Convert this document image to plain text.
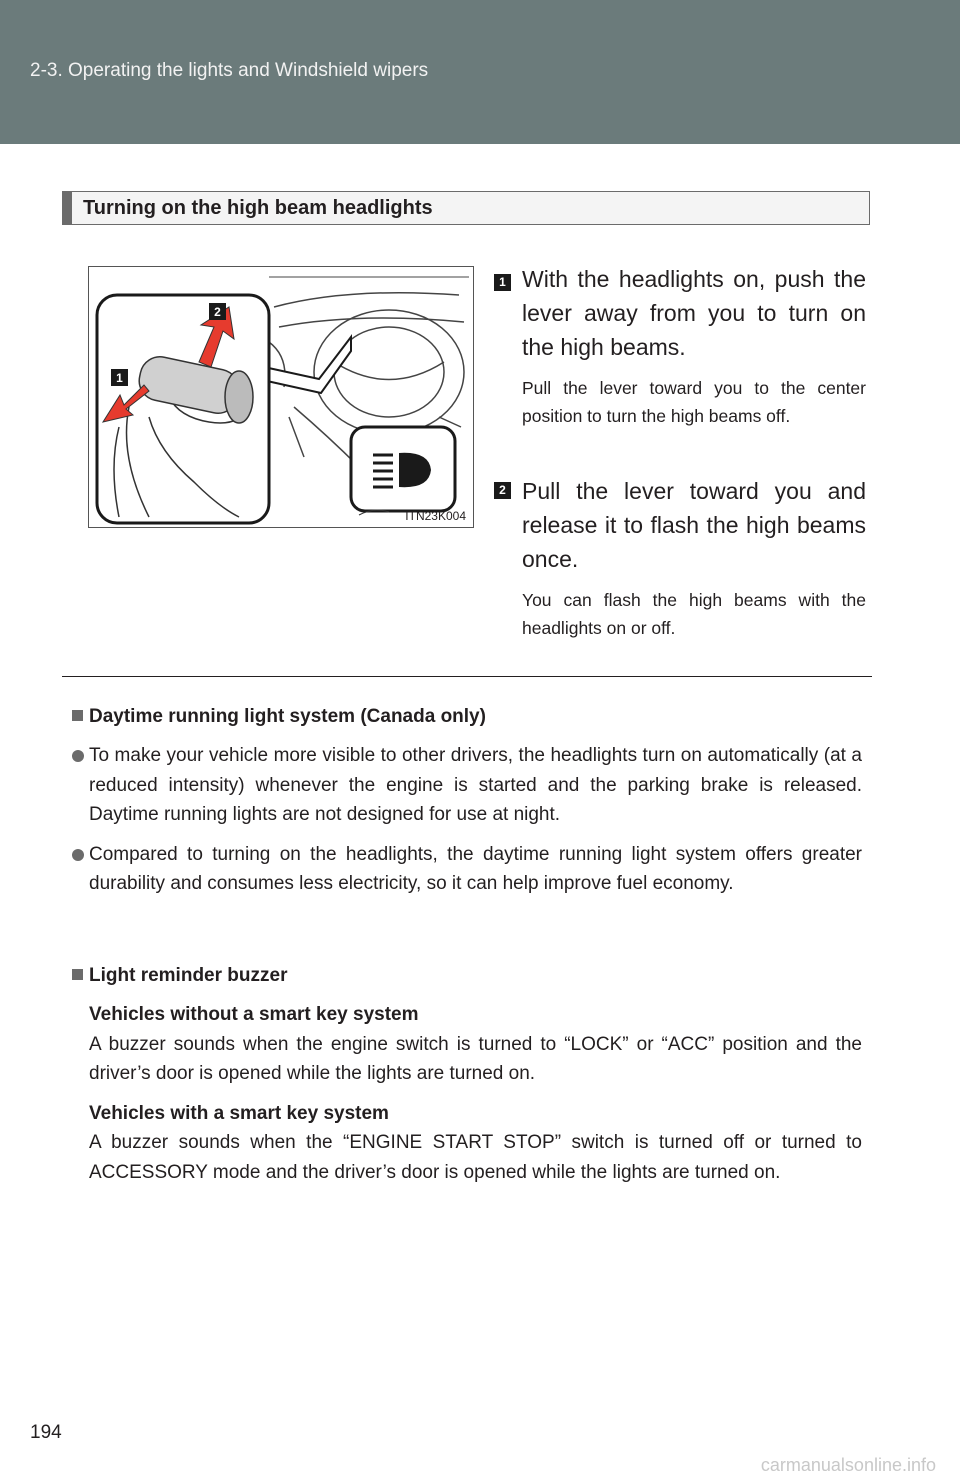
2-3. Operating the lights and Windshield wipers
Turning on the high beam headlights
2
1
ITN23K004
1 With the headlights on, push the lever away from you to turn on the high beams.
Pull the lever toward you to the center position to turn the high beams off.
2 Pull the lever toward you and release it to flash the high beams once.
You can flash the high beams with the headlights on or off.
Daytime running light system (Canada only)
To make your vehicle more visible to other drivers, the headlights turn on automatically (at a reduced intensity) whenever the engine is started and the parking brake is released. Daytime running lights are not designed for use at night.
Compared to turning on the headlights, the daytime running light system offers greater durability and consumes less electricity, so it can help improve fuel economy.
Light reminder buzzer
Vehicles without a smart key system
A buzzer sounds when the engine switch is turned to “LOCK” or “ACC” position and the driver’s door is opened while the lights are turned on.
Vehicles with a smart key system
A buzzer sounds when the “ENGINE START STOP” switch is turned off or turned to ACCESSORY mode and the driver’s door is opened while the lights are turned on.
194
carmanualsonline.info
